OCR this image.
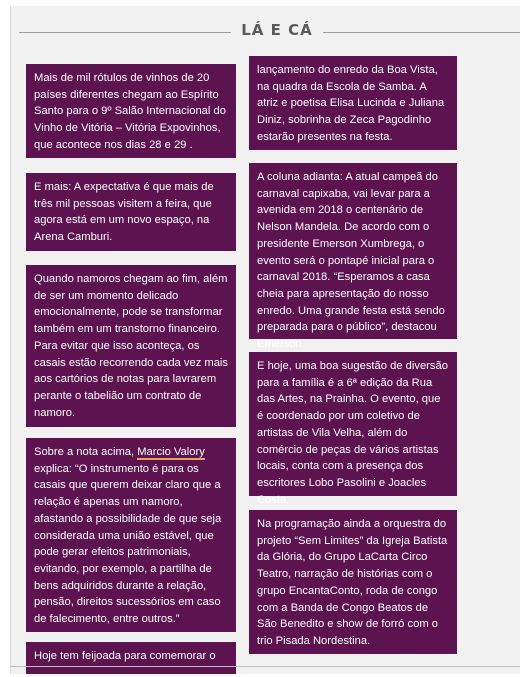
LÁ E CÁ

Mais de mil rótulos de vinhos de 20 países diferentes chegam ao Espírito Santo para o 9º Salão Internacional do Vinho de Vitória – Vitória Expovinhos, que acontece nos dias 28 e 29 .

E mais: A expectativa é que mais de três mil pessoas visitem a feira, que agora está em um novo espaço, na Arena Camburi.

Quando namoros chegam ao fim, além de ser um momento delicado emocionalmente, pode se transformar também em um transtorno financeiro. Para evitar que isso aconteça, os casais estão recorrendo cada vez mais aos cartórios de notas para lavrarem perante o tabelião um contrato de namoro.

Sobre a nota acima, Marcio Valory explica: “O instrumento é para os casais que querem deixar claro que a relação é apenas um namoro, afastando a possibilidade de que seja considerada uma união estável, que pode gerar efeitos patrimoniais, evitando, por exemplo, a partilha de bens adquiridos durante a relação, pensão, direitos sucessórios em caso de falecimento, entre outros.”

Hoje tem feijoada para comemorar o

lançamento do enredo da Boa Vista, na quadra da Escola de Samba. A atriz e poetisa Elisa Lucinda e Juliana Diniz, sobrinha de Zeca Pagodinho estarão presentes na festa.

A coluna adianta: A atual campeã do carnaval capixaba, vai levar para a avenida em 2018 o centenário de Nelson Mandela. De acordo com o presidente Emerson Xumbrega, o evento será o pontapé inicial para o carnaval 2018. “Esperamos a casa cheia para apresentação do nosso enredo. Uma grande festa está sendo preparada para o público”, destacou Emerson.

E hoje, uma boa sugestão de diversão para a família é a 6ª edição da Rua das Artes, na Prainha. O evento, que é coordenado por um coletivo de artistas de Vila Velha, além do comércio de peças de vários artistas locais, conta com a presença dos escritores Lobo Pasolini e Joacles Costa.

Na programação ainda a orquestra do projeto “Sem Limites” da Igreja Batista da Glória, do Grupo LaCarta Circo Teatro, narração de histórias com o grupo EncantaConto, roda de congo com a Banda de Congo Beatos de São Benedito e show de forró com o trio Pisada Nordestina.
